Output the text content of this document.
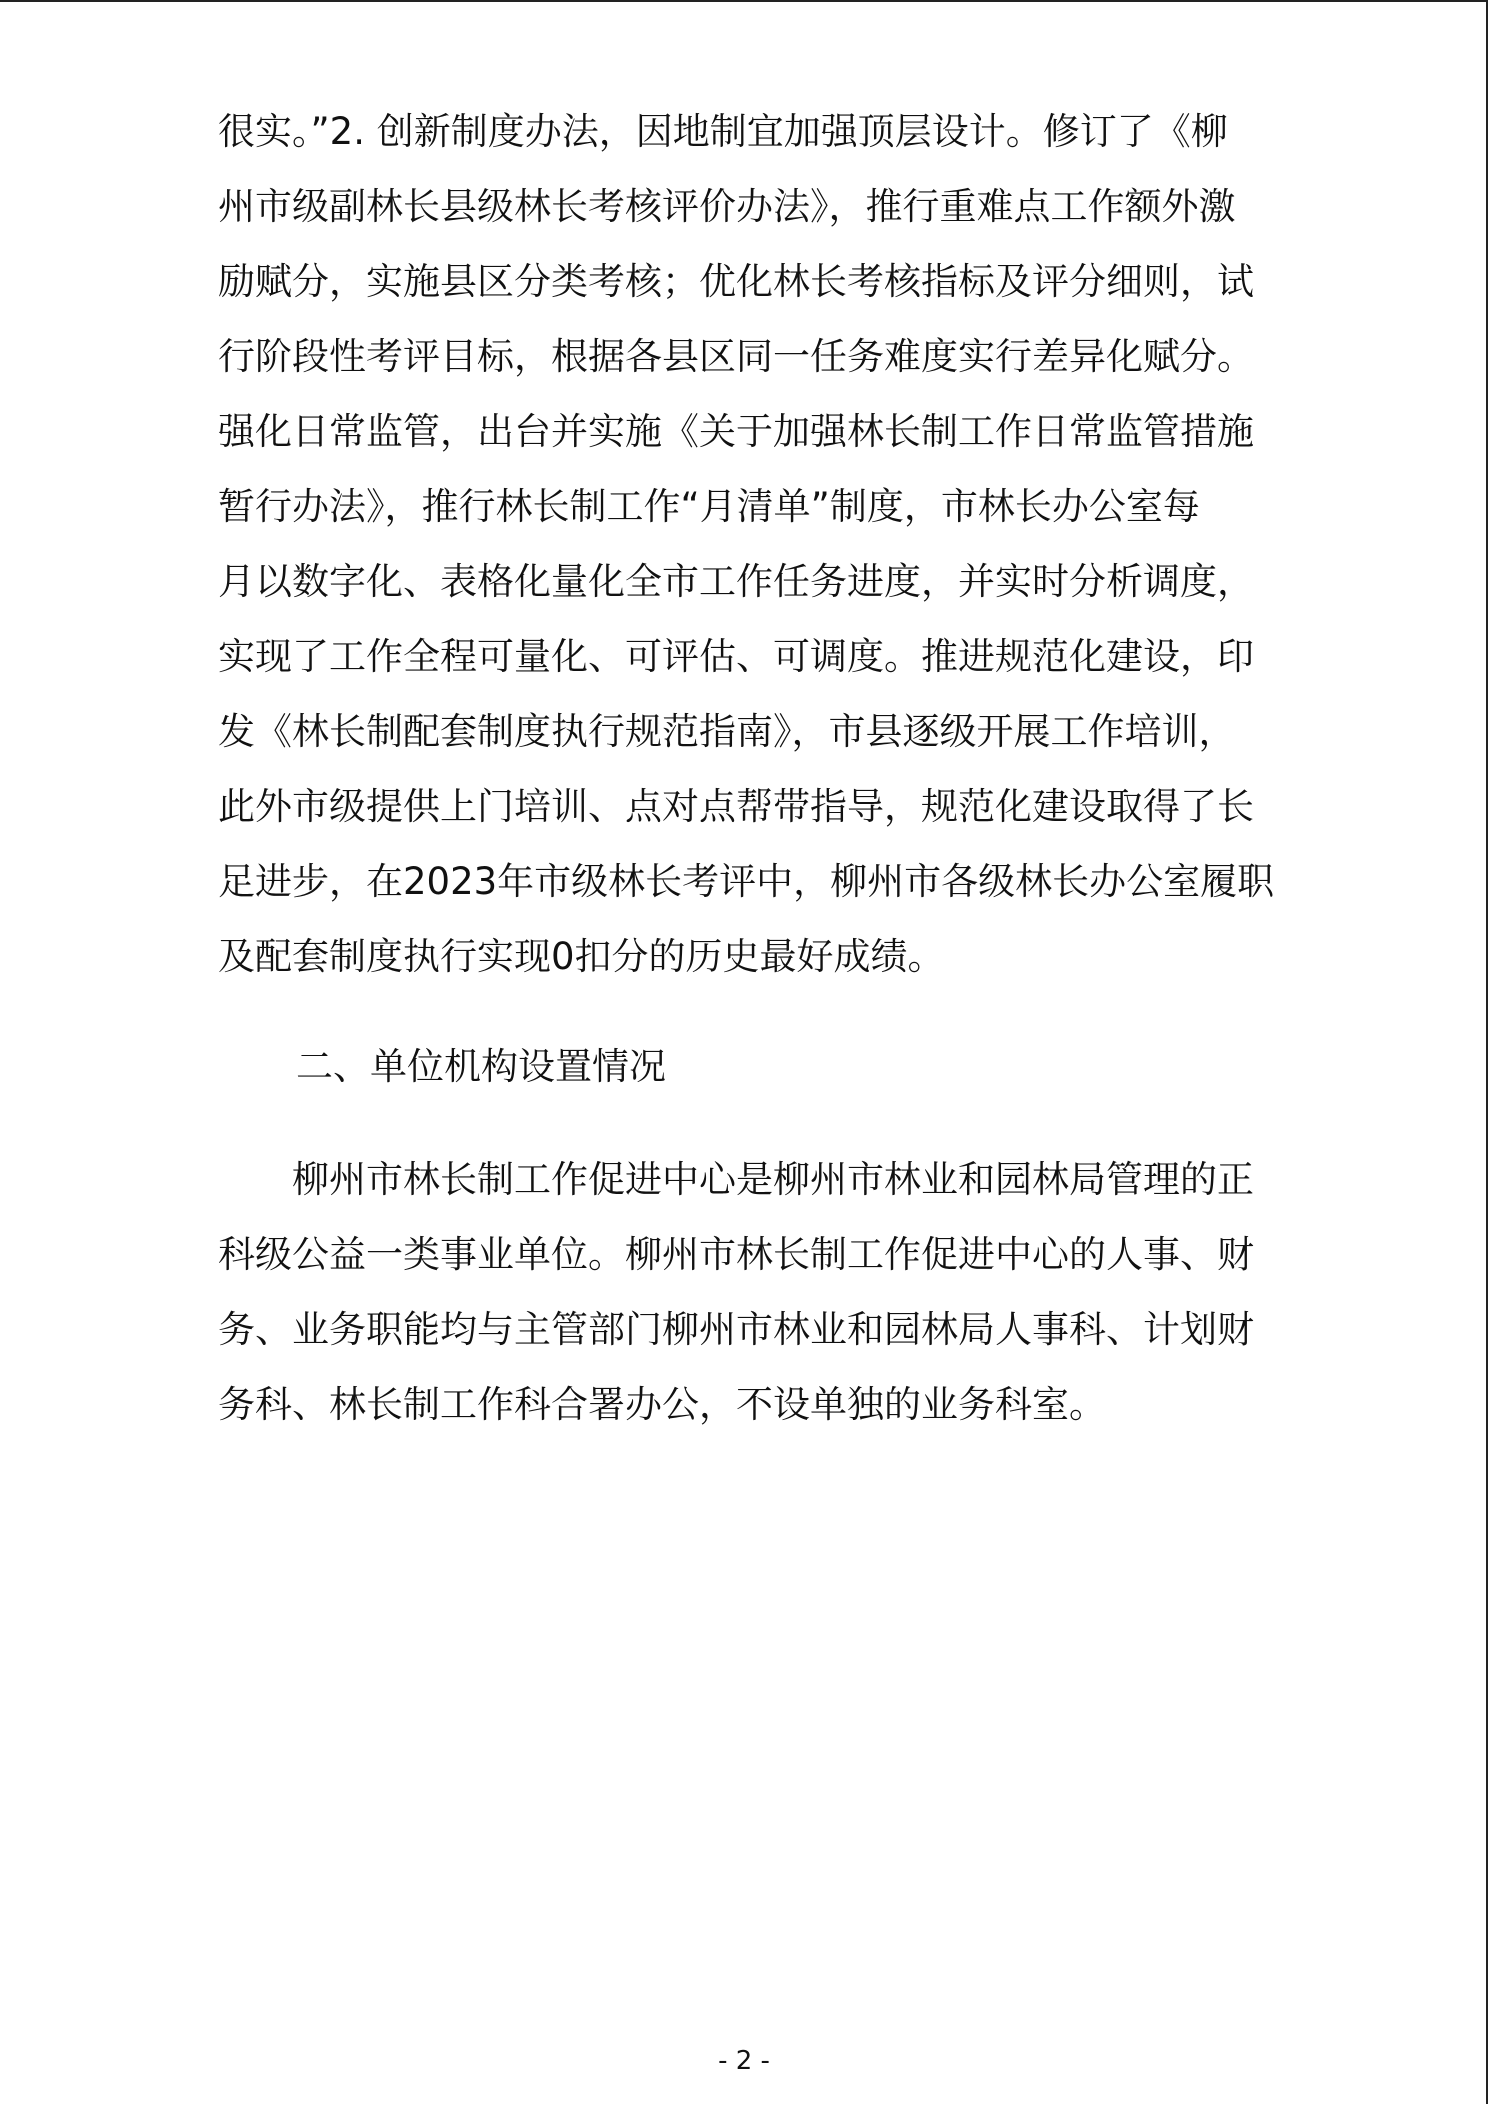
很实。”2. 创新制度办法，因地制宜加强顶层设计。修订了《柳
州市级副林长县级林长考核评价办法》，推行重难点工作额外激
励赋分，实施县区分类考核；优化林长考核指标及评分细则，试
行阶段性考评目标，根据各县区同一任务难度实行差异化赋分。
强化日常监管，出台并实施《关于加强林长制工作日常监管措施
暂行办法》，推行林长制工作“月清单”制度，市林长办公室每
月以数字化、表格化量化全市工作任务进度，并实时分析调度，
实现了工作全程可量化、可评估、可调度。推进规范化建设，印
发《林长制配套制度执行规范指南》，市县逐级开展工作培训，
此外市级提供上门培训、点对点帮带指导，规范化建设取得了长
足进步，在2023年市级林长考评中，柳州市各级林长办公室履职
及配套制度执行实现0扣分的历史最好成绩。
二、单位机构设置情况
柳州市林长制工作促进中心是柳州市林业和园林局管理的正
科级公益一类事业单位。柳州市林长制工作促进中心的人事、财
务、业务职能均与主管部门柳州市林业和园林局人事科、计划财
务科、林长制工作科合署办公，不设单独的业务科室。
- 2 -
